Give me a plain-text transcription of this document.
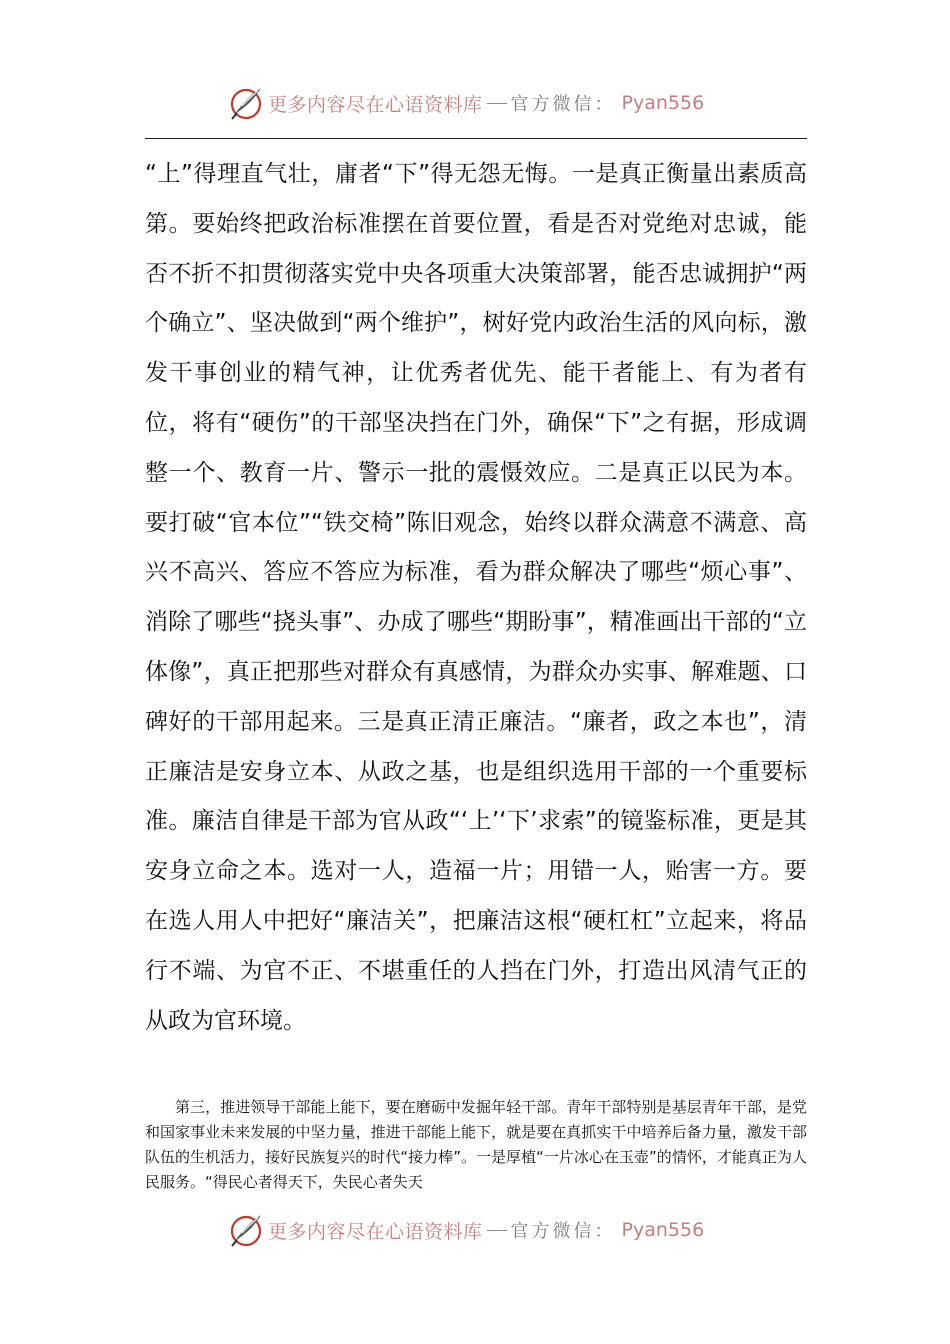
更多内容尽在心语资料库 官方微信： Pyan556

“上”得理直气壮，庸者“下”得无怨无悔。一是真正衡量出素质高第。要始终把政治标准摆在首要位置，看是否对党绝对忠诚，能否不折不扣贯彻落实党中央各项重大决策部署，能否忠诚拥护“两个确立”、坚决做到“两个维护”，树好党内政治生活的风向标，激发干事创业的精气神，让优秀者优先、能干者能上、有为者有位，将有“硬伤”的干部坚决挡在门外，确保“下”之有据，形成调整一个、教育一片、警示一批的震慑效应。二是真正以民为本。要打破“官本位”“铁交椅”陈旧观念，始终以群众满意不满意、高兴不高兴、答应不答应为标准，看为群众解决了哪些“烦心事”、消除了哪些“挠头事”、办成了哪些“期盼事”，精准画出干部的“立体像”，真正把那些对群众有真感情，为群众办实事、解难题、口碑好的干部用起来。三是真正清正廉洁。“廉者，政之本也”，清正廉洁是安身立本、从政之基，也是组织选用干部的一个重要标准。廉洁自律是干部为官从政“‘上’‘下’求索”的镜鉴标准，更是其安身立命之本。选对一人，造福一片；用错一人，贻害一方。要在选人用人中把好“廉洁关”，把廉洁这根“硬杠杠”立起来，将品行不端、为官不正、不堪重任的人挡在门外，打造出风清气正的从政为官环境。

第三，推进领导干部能上能下，要在磨砺中发掘年轻干部。青年干部特别是基层青年干部，是党和国家事业未来发展的中坚力量，推进干部能上能下，就是要在真抓实干中培养后备力量，激发干部队伍的生机活力，接好民族复兴的时代“接力棒”。一是厚植“一片冰心在玉壶”的情怀，才能真正为人民服务。“得民心者得天下，失民心者失天

更多内容尽在心语资料库 官方微信： Pyan556
